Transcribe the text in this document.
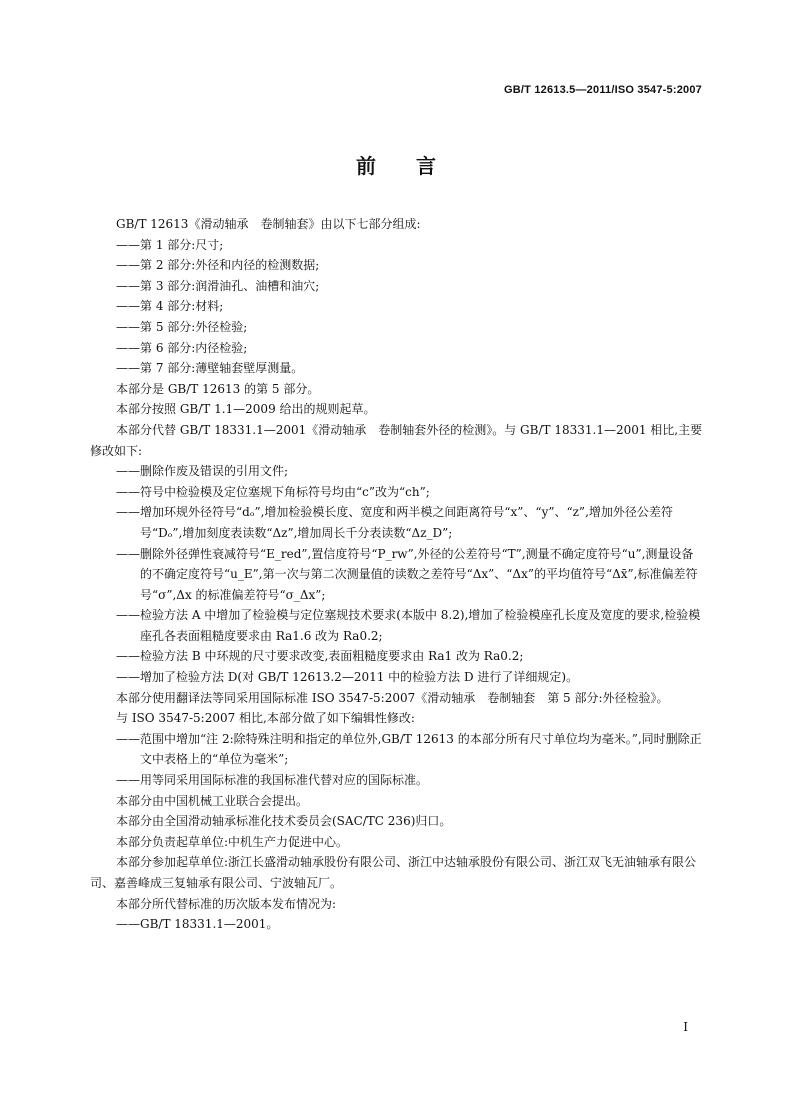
GB/T 12613.5—2011/ISO 3547-5:2007
前言

GB/T 12613《滑动轴承　卷制轴套》由以下七部分组成:

—— 第 1 部分:尺寸;
—— 第 2 部分:外径和内径的检测数据;
—— 第 3 部分:润滑油孔、油槽和油穴;
—— 第 4 部分:材料;
—— 第 5 部分:外径检验;
—— 第 6 部分:内径检验;
—— 第 7 部分:薄壁轴套壁厚测量。

本部分是 GB/T 12613 的第 5 部分。

本部分按照 GB/T 1.1—2009 给出的规则起草。

本部分代替 GB/T 18331.1—2001《滑动轴承　卷制轴套外径的检测》。与 GB/T 18331.1—2001 相比,主要修改如下:

—— 删除作废及错误的引用文件;
—— 符号中检验模及定位塞规下角标符号均由“c”改为“ch”;
—— 增加环规外径符号“dₒ”,增加检验模长度、宽度和两半模之间距离符号“x”、“y”、“z”,增加外径公差符号“Dₒ”,增加刻度表读数“Δz”,增加周长千分表读数“Δz_D”;
—— 删除外径弹性衰减符号“E_red”,置信度符号“P_rw”,外径的公差符号“T”,测量不确定度符号“u”,测量设备的不确定度符号“u_E”,第一次与第二次测量值的读数之差符号“Δx”、“Δx”的平均值符号“Δx̄”,标准偏差符号“σ”,Δx 的标准偏差符号“σ_Δx”;
—— 检验方法 A 中增加了检验模与定位塞规技术要求(本版中 8.2),增加了检验模座孔长度及宽度的要求,检验模座孔各表面粗糙度要求由 Ra1.6 改为 Ra0.2;
—— 检验方法 B 中环规的尺寸要求改变,表面粗糙度要求由 Ra1 改为 Ra0.2;
—— 增加了检验方法 D(对 GB/T 12613.2—2011 中的检验方法 D 进行了详细规定)。

本部分使用翻译法等同采用国际标准 ISO 3547-5:2007《滑动轴承　卷制轴套　第 5 部分:外径检验》。

与 ISO 3547-5:2007 相比,本部分做了如下编辑性修改:

—— 范围中增加“注 2:除特殊注明和指定的单位外,GB/T 12613 的本部分所有尺寸单位均为毫米。”,同时删除正文中表格上的“单位为毫米”;
—— 用等同采用国际标准的我国标准代替对应的国际标准。

本部分由中国机械工业联合会提出。

本部分由全国滑动轴承标准化技术委员会(SAC/TC 236)归口。

本部分负责起草单位:中机生产力促进中心。

本部分参加起草单位:浙江长盛滑动轴承股份有限公司、浙江中达轴承股份有限公司、浙江双飞无油轴承有限公司、嘉善峰成三复轴承有限公司、宁波轴瓦厂。

本部分所代替标准的历次版本发布情况为:

—— GB/T 18331.1—2001。
I
